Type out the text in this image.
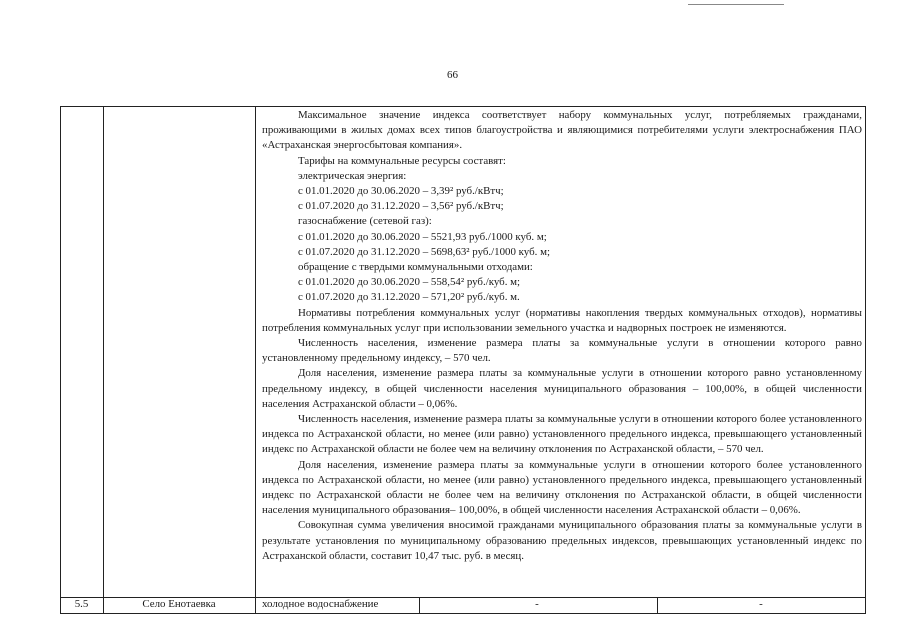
66

Максимальное значение индекса соответствует набору коммунальных услуг, потребляемых гражданами, проживающими в жилых домах всех типов благоустройства и являющимися потребителями услуги электроснабжения ПАО «Астраханская энергосбытовая компания».

Тарифы на коммунальные ресурсы составят:

электрическая энергия:

с 01.01.2020 до 30.06.2020 – 3,39² руб./кВтч;

с 01.07.2020 до 31.12.2020 – 3,56² руб./кВтч;

газоснабжение (сетевой газ):

с 01.01.2020 до 30.06.2020 – 5521,93 руб./1000 куб. м;

с 01.07.2020 до 31.12.2020 – 5698,63² руб./1000 куб. м;

обращение с твердыми коммунальными отходами:

с 01.01.2020 до 30.06.2020 – 558,54² руб./куб. м;

с 01.07.2020 до 31.12.2020 – 571,20² руб./куб. м.

Нормативы потребления коммунальных услуг (нормативы накопления твердых коммунальных отходов), нормативы потребления коммунальных услуг при использовании земельного участка и надворных построек не изменяются.

Численность населения, изменение размера платы за коммунальные услуги в отношении которого равно установленному предельному индексу, – 570 чел.

Доля населения, изменение размера платы за коммунальные услуги в отношении которого равно установленному предельному индексу, в общей численности населения муниципального образования – 100,00%, в общей численности населения Астраханской области – 0,06%.

Численность населения, изменение размера платы за коммунальные услуги в отношении которого более установленного индекса по Астраханской области, но менее (или равно) установленного предельного индекса, превышающего установленный индекс по Астраханской области не более чем на величину отклонения по Астраханской области, – 570 чел.

Доля населения, изменение размера платы за коммунальные услуги в отношении которого более установленного индекса по Астраханской области, но менее (или равно) установленного предельного индекса, превышающего установленный индекс по Астраханской области не более чем на величину отклонения по Астраханской области, в общей численности населения муниципального образования– 100,00%, в общей численности населения Астраханской области – 0,06%.

Совокупная сумма увеличения вносимой гражданами муниципального образования платы за коммунальные услуги в результате установления по муниципальному образованию предельных индексов, превышающих установленный индекс по Астраханской области, составит 10,47 тыс. руб. в месяц.

5.5	Село Енотаевка	холодное водоснабжение	-	-
